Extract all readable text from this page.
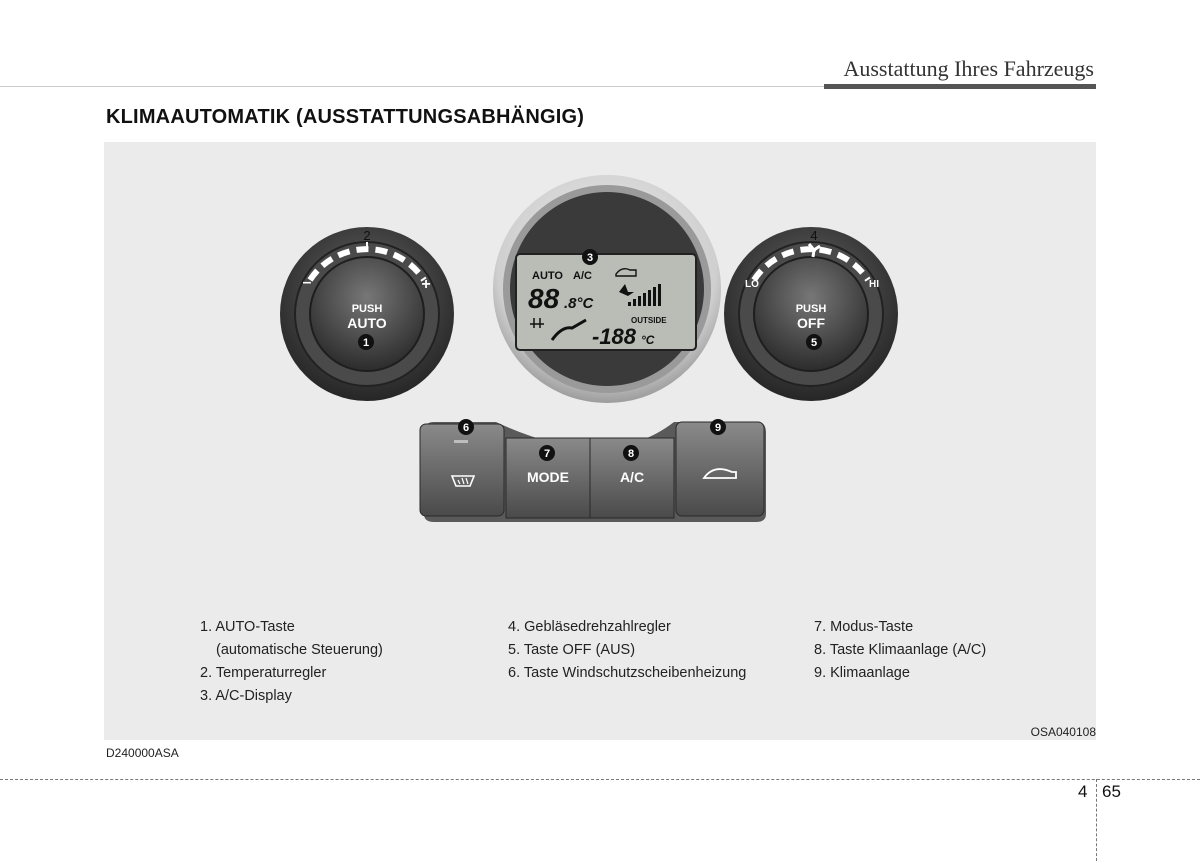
Ausstattung Ihres Fahrzeugs
KLIMAAUTOMATIK (AUSSTATTUNGSABHÄNGIG)
PUSH
AUTO
–	+	AUTO A/C
88 .8°C
OUTSIDE
-188 °C
PUSH
OFF
LO	HI
MODE	A/C
1
2
3
4
5
6
7	8
9
1. AUTO-Taste
(automatische Steuerung)
2. Temperaturregler
3. A/C-Display
4. Gebläsedrehzahlregler
5. Taste OFF (AUS)
6. Taste Windschutzscheibenheizung
7. Modus-Taste
8. Taste Klimaanlage (A/C)
9. Klimaanlage
OSA040108
D240000ASA
4 65
